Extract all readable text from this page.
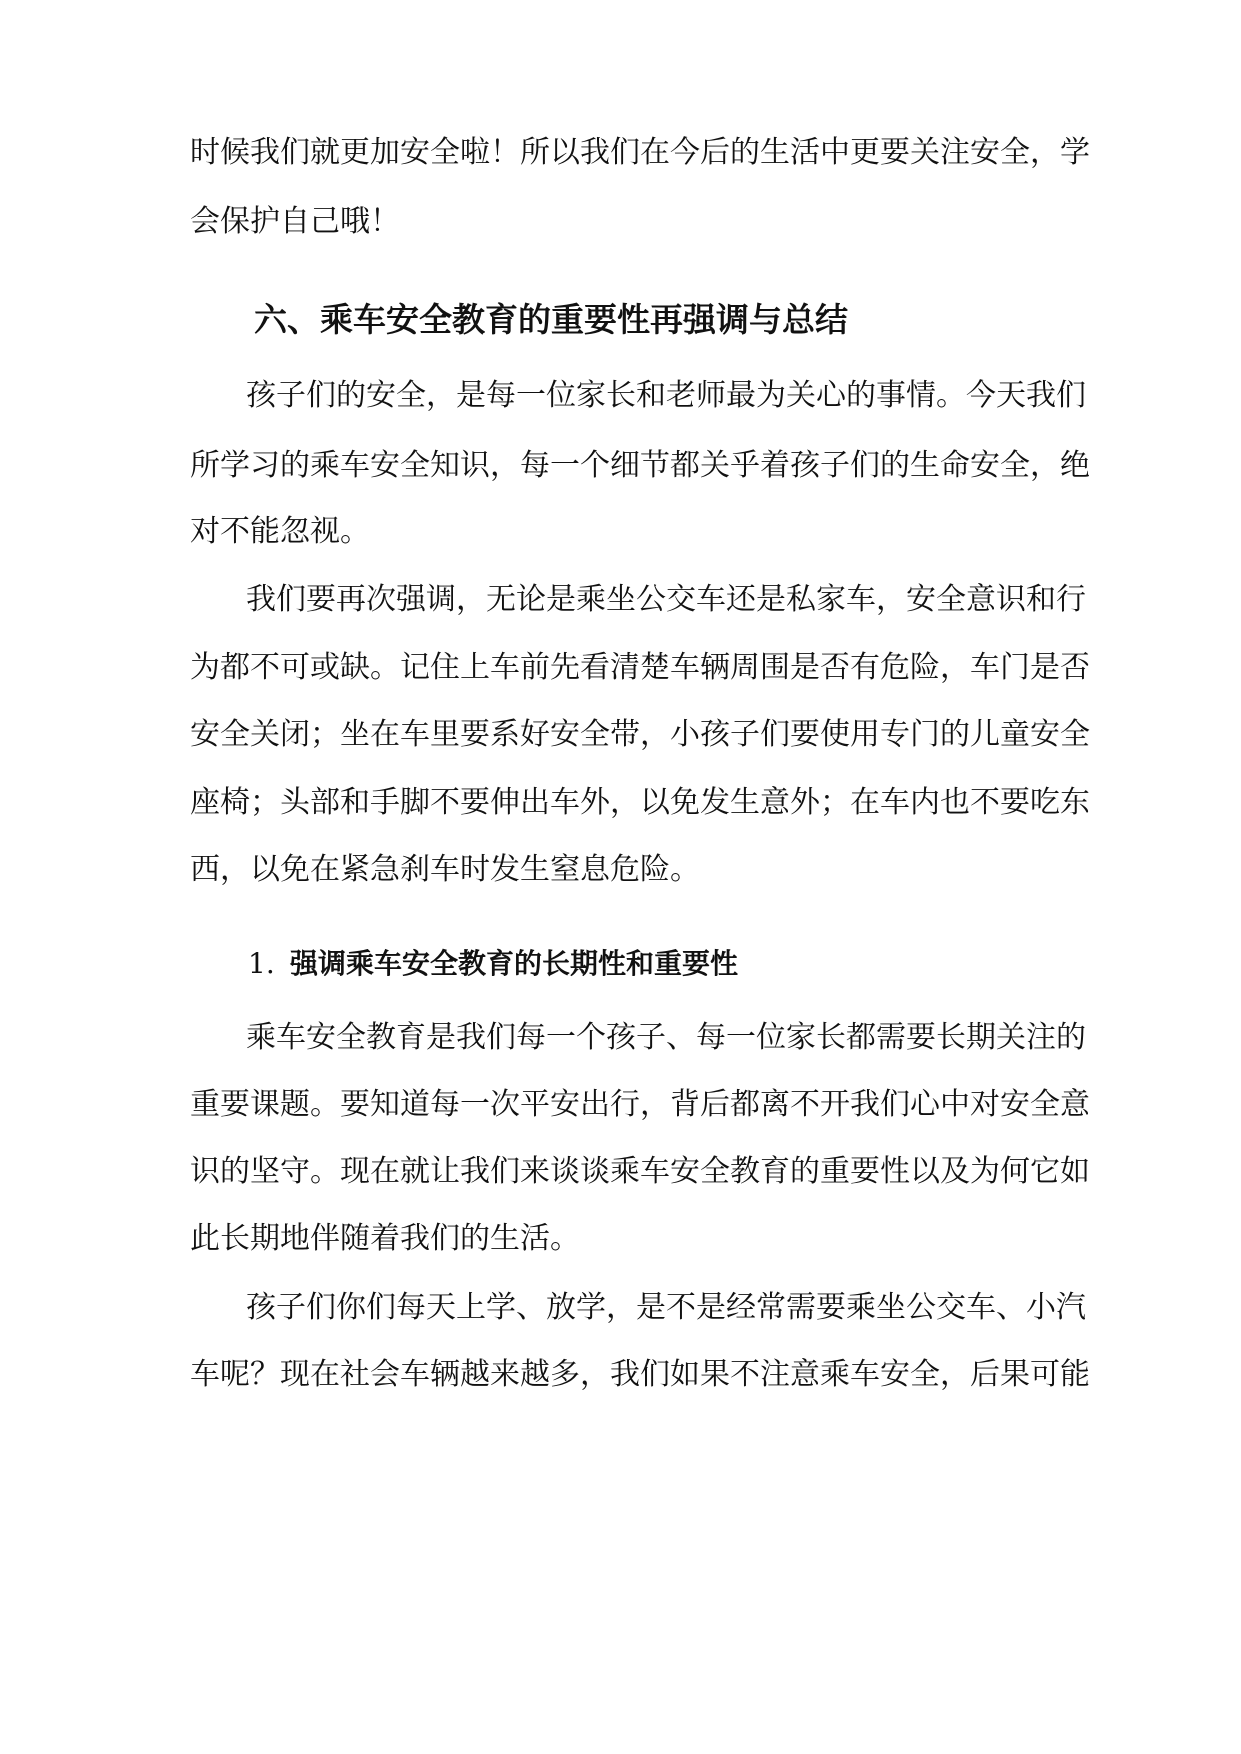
时候我们就更加安全啦！所以我们在今后的生活中更要关注安全，学
会保护自己哦！
六、乘车安全教育的重要性再强调与总结
孩子们的安全，是每一位家长和老师最为关心的事情。今天我们
所学习的乘车安全知识，每一个细节都关乎着孩子们的生命安全，绝
对不能忽视。
我们要再次强调，无论是乘坐公交车还是私家车，安全意识和行
为都不可或缺。记住上车前先看清楚车辆周围是否有危险，车门是否
安全关闭；坐在车里要系好安全带，小孩子们要使用专门的儿童安全
座椅；头部和手脚不要伸出车外，以免发生意外；在车内也不要吃东
西，以免在紧急刹车时发生窒息危险。
1. 强调乘车安全教育的长期性和重要性
乘车安全教育是我们每一个孩子、每一位家长都需要长期关注的
重要课题。要知道每一次平安出行，背后都离不开我们心中对安全意
识的坚守。现在就让我们来谈谈乘车安全教育的重要性以及为何它如
此长期地伴随着我们的生活。
孩子们你们每天上学、放学，是不是经常需要乘坐公交车、小汽
车呢？现在社会车辆越来越多，我们如果不注意乘车安全，后果可能
